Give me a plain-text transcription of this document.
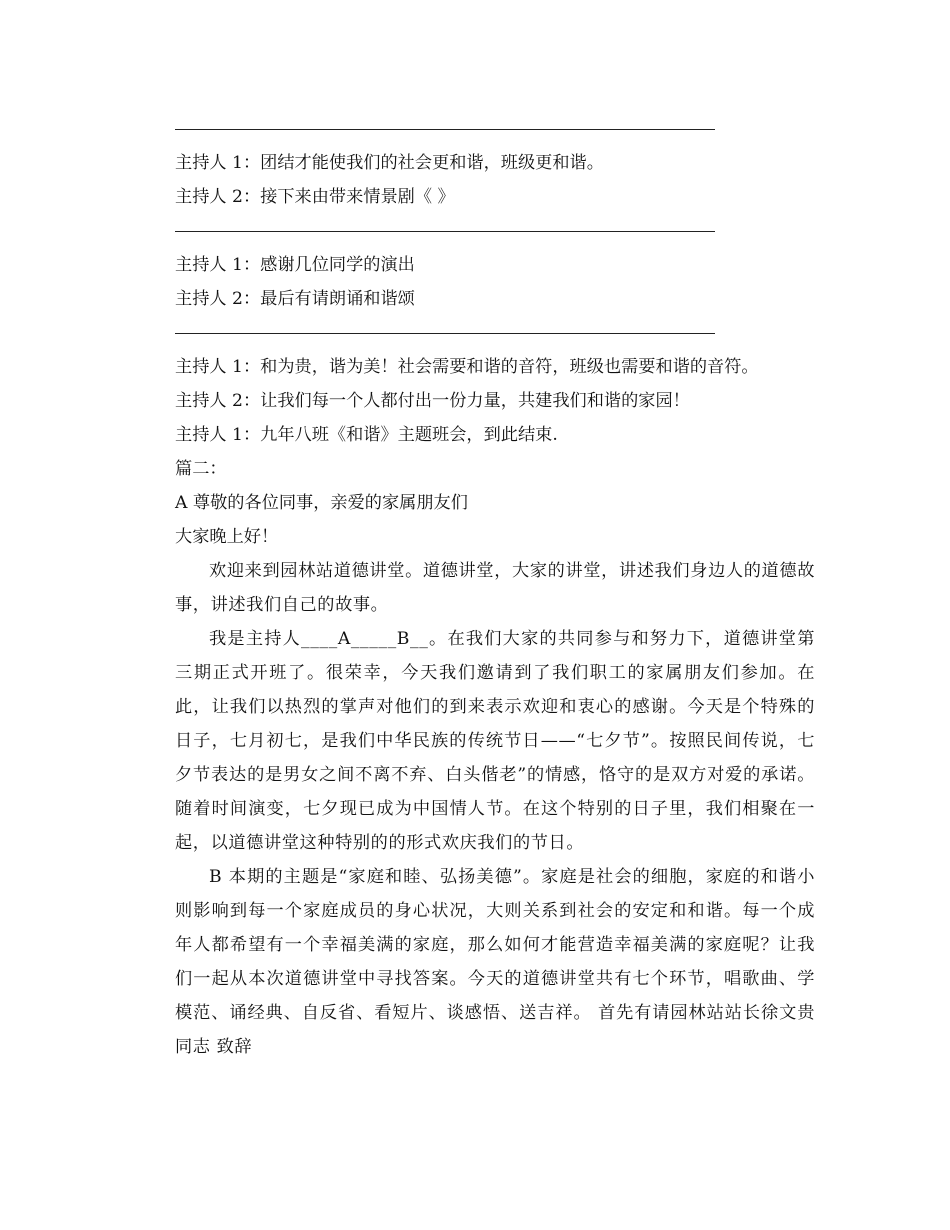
主持人 1：团结才能使我们的社会更和谐，班级更和谐。
主持人 2：接下来由带来情景剧《 》
主持人 1：感谢几位同学的演出
主持人 2：最后有请朗诵和谐颂
主持人 1：和为贵，谐为美！社会需要和谐的音符，班级也需要和谐的音符。
主持人 2：让我们每一个人都付出一份力量，共建我们和谐的家园！
主持人 1：九年八班《和谐》主题班会，到此结束.
篇二：
A 尊敬的各位同事，亲爱的家属朋友们
大家晚上好！
欢迎来到园林站道德讲堂。道德讲堂，大家的讲堂，讲述我们身边人的道德故事，讲述我们自己的故事。
我是主持人____A_____B__。在我们大家的共同参与和努力下，道德讲堂第三期正式开班了。很荣幸，今天我们邀请到了我们职工的家属朋友们参加。在此，让我们以热烈的掌声对他们的到来表示欢迎和衷心的感谢。今天是个特殊的日子，七月初七，是我们中华民族的传统节日——“七夕节”。按照民间传说，七夕节表达的是男女之间不离不弃、白头偕老”的情感，恪守的是双方对爱的承诺。随着时间演变，七夕现已成为中国情人节。在这个特别的日子里，我们相聚在一起，以道德讲堂这种特别的的形式欢庆我们的节日。
B 本期的主题是“家庭和睦、弘扬美德”。家庭是社会的细胞，家庭的和谐小则影响到每一个家庭成员的身心状况，大则关系到社会的安定和和谐。每一个成年人都希望有一个幸福美满的家庭，那么如何才能营造幸福美满的家庭呢？让我们一起从本次道德讲堂中寻找答案。今天的道德讲堂共有七个环节，唱歌曲、学模范、诵经典、自反省、看短片、谈感悟、送吉祥。 首先有请园林站站长徐文贵同志 致辞
